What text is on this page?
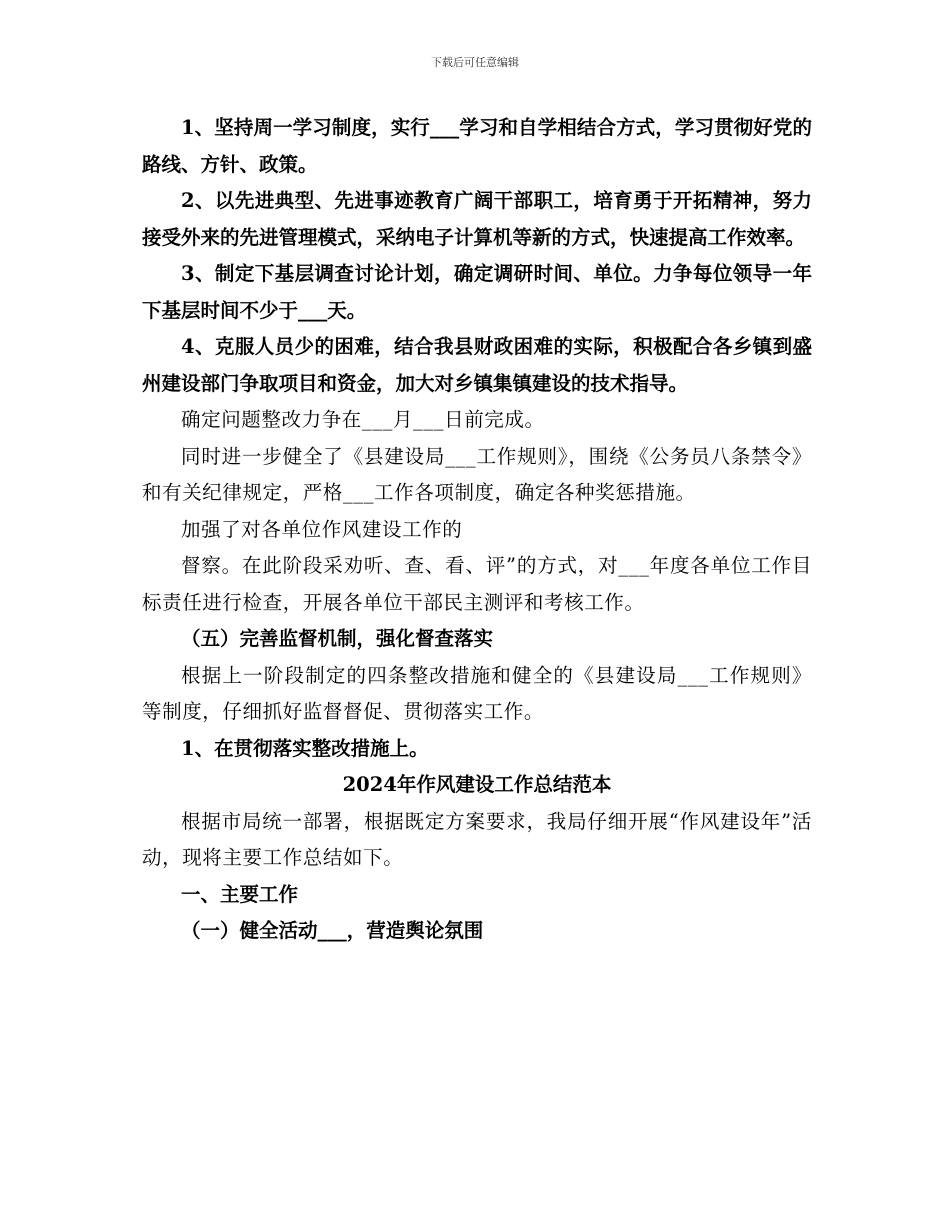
下载后可任意编辑

1、坚持周一学习制度，实行___学习和自学相结合方式，学习贯彻好党的路线、方针、政策。

2、以先进典型、先进事迹教育广阔干部职工，培育勇于开拓精神，努力接受外来的先进管理模式，采纳电子计算机等新的方式，快速提高工作效率。

3、制定下基层调查讨论计划，确定调研时间、单位。力争每位领导一年下基层时间不少于___天。

4、克服人员少的困难，结合我县财政困难的实际，积极配合各乡镇到盛州建设部门争取项目和资金，加大对乡镇集镇建设的技术指导。

确定问题整改力争在___月___日前完成。

同时进一步健全了《县建设局___工作规则》，围绕《公务员八条禁令》和有关纪律规定，严格___工作各项制度，确定各种奖惩措施。

加强了对各单位作风建设工作的

督察。在此阶段采劝听、查、看、评”的方式，对___年度各单位工作目标责任进行检查，开展各单位干部民主测评和考核工作。

（五）完善监督机制，强化督查落实

根据上一阶段制定的四条整改措施和健全的《县建设局___工作规则》等制度，仔细抓好监督督促、贯彻落实工作。

1、在贯彻落实整改措施上。

2024年作风建设工作总结范本

根据市局统一部署，根据既定方案要求，我局仔细开展“作风建设年”活动，现将主要工作总结如下。

一、主要工作

（一）健全活动___，营造舆论氛围
